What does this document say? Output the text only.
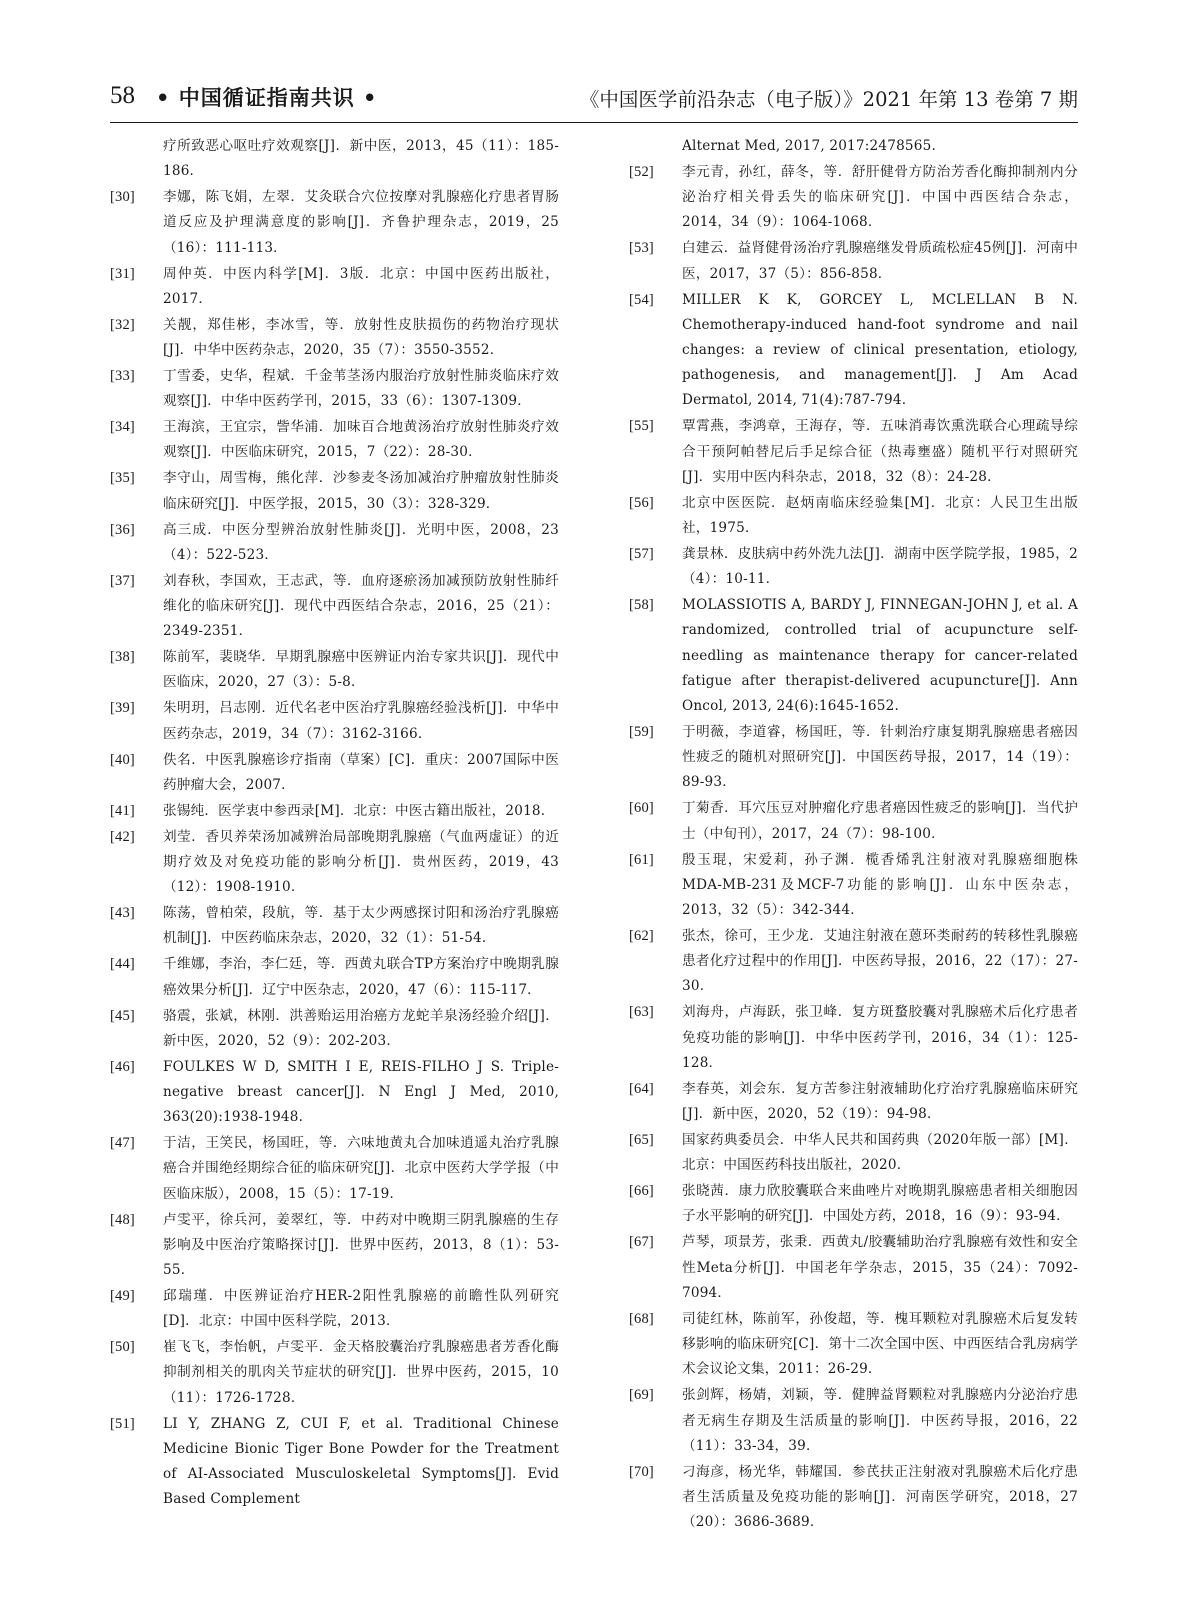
58 • 中国循证指南共识 •	《中国医学前沿杂志（电子版）》2021 年第 13 卷第 7 期
疗所致恶心呕吐疗效观察[J]．新中医，2013，45（11）：185-186．
[30] 李娜，陈飞娟，左翠．艾灸联合穴位按摩对乳腺癌化疗患者胃肠道反应及护理满意度的影响[J]．齐鲁护理杂志，2019，25（16）：111-113．
[31] 周仲英．中医内科学[M]．3版．北京：中国中医药出版社，2017．
[32] 关靓，郑佳彬，李冰雪，等．放射性皮肤损伤的药物治疗现状[J]．中华中医药杂志，2020，35（7）：3550-3552．
[33] 丁雪委，史华，程斌．千金苇茎汤内服治疗放射性肺炎临床疗效观察[J]．中华中医药学刊，2015，33（6）：1307-1309．
[34] 王海滨，王宜宗，訾华浦．加味百合地黄汤治疗放射性肺炎疗效观察[J]．中医临床研究，2015，7（22）：28-30．
[35] 李守山，周雪梅，熊化萍．沙参麦冬汤加减治疗肿瘤放射性肺炎临床研究[J]．中医学报，2015，30（3）：328-329．
[36] 高三成．中医分型辨治放射性肺炎[J]．光明中医，2008，23（4）：522-523．
[37] 刘春秋，李国欢，王志武，等．血府逐瘀汤加减预防放射性肺纤维化的临床研究[J]．现代中西医结合杂志，2016，25（21）：2349-2351．
[38] 陈前军，裴晓华．早期乳腺癌中医辨证内治专家共识[J]．现代中医临床，2020，27（3）：5-8．
[39] 朱明玥，吕志刚．近代名老中医治疗乳腺癌经验浅析[J]．中华中医药杂志，2019，34（7）：3162-3166．
[40] 佚名．中医乳腺癌诊疗指南（草案）[C]．重庆：2007国际中医药肿瘤大会，2007．
[41] 张锡纯．医学衷中参西录[M]．北京：中医古籍出版社，2018．
[42] 刘莹．香贝养荣汤加减辨治局部晚期乳腺癌（气血两虚证）的近期疗效及对免疫功能的影响分析[J]．贵州医药，2019，43（12）：1908-1910．
[43] 陈荡，曾柏荣，段航，等．基于太少两感探讨阳和汤治疗乳腺癌机制[J]．中医药临床杂志，2020，32（1）：51-54．
[44] 千维娜，李治，李仁廷，等．西黄丸联合TP方案治疗中晚期乳腺癌效果分析[J]．辽宁中医杂志，2020，47（6）：115-117．
[45] 骆震，张斌，林刚．洪善贻运用治癌方龙蛇羊泉汤经验介绍[J]．新中医，2020，52（9）：202-203．
[46] FOULKES W D, SMITH I E, REIS-FILHO J S. Triple-negative breast cancer[J]. N Engl J Med, 2010, 363(20):1938-1948.
[47] 于洁，王笑民，杨国旺，等．六味地黄丸合加味逍遥丸治疗乳腺癌合并围绝经期综合征的临床研究[J]．北京中医药大学学报（中医临床版），2008，15（5）：17-19．
[48] 卢雯平，徐兵河，姜翠红，等．中药对中晚期三阴乳腺癌的生存影响及中医治疗策略探讨[J]．世界中医药，2013，8（1）：53-55．
[49] 邱瑞瑾．中医辨证治疗HER-2阳性乳腺癌的前瞻性队列研究[D]．北京：中国中医科学院，2013．
[50] 崔飞飞，李怡帆，卢雯平．金天格胶囊治疗乳腺癌患者芳香化酶抑制剂相关的肌肉关节症状的研究[J]．世界中医药，2015，10（11）：1726-1728．
[51] LI Y, ZHANG Z, CUI F, et al. Traditional Chinese Medicine Bionic Tiger Bone Powder for the Treatment of AI-Associated Musculoskeletal Symptoms[J]. Evid Based Complement
Alternat Med, 2017, 2017:2478565.
[52] 李元青，孙红，薛冬，等．舒肝健骨方防治芳香化酶抑制剂内分泌治疗相关骨丢失的临床研究[J]．中国中西医结合杂志，2014，34（9）：1064-1068．
[53] 白建云．益肾健骨汤治疗乳腺癌继发骨质疏松症45例[J]．河南中医，2017，37（5）：856-858．
[54] MILLER K K, GORCEY L, MCLELLAN B N. Chemotherapy-induced hand-foot syndrome and nail changes: a review of clinical presentation, etiology, pathogenesis, and management[J]. J Am Acad Dermatol, 2014, 71(4):787-794.
[55] 覃霄燕，李鸿章，王海存，等．五味消毒饮熏洗联合心理疏导综合干预阿帕替尼后手足综合征（热毒壅盛）随机平行对照研究[J]．实用中医内科杂志，2018，32（8）：24-28．
[56] 北京中医医院．赵炳南临床经验集[M]．北京：人民卫生出版社，1975．
[57] 龚景林．皮肤病中药外洗九法[J]．湖南中医学院学报，1985，2（4）：10-11．
[58] MOLASSIOTIS A, BARDY J, FINNEGAN-JOHN J, et al. A randomized, controlled trial of acupuncture self-needling as maintenance therapy for cancer-related fatigue after therapist-delivered acupuncture[J]. Ann Oncol, 2013, 24(6):1645-1652.
[59] 于明薇，李道睿，杨国旺，等．针刺治疗康复期乳腺癌患者癌因性疲乏的随机对照研究[J]．中国医药导报，2017，14（19）：89-93．
[60] 丁菊香．耳穴压豆对肿瘤化疗患者癌因性疲乏的影响[J]．当代护士（中旬刊），2017，24（7）：98-100．
[61] 殷玉琨，宋爱莉，孙子渊．榄香烯乳注射液对乳腺癌细胞株MDA-MB-231及MCF-7功能的影响[J]．山东中医杂志，2013，32（5）：342-344．
[62] 张杰，徐可，王少龙．艾迪注射液在蒽环类耐药的转移性乳腺癌患者化疗过程中的作用[J]．中医药导报，2016，22（17）：27-30．
[63] 刘海舟，卢海跃，张卫峰．复方斑蝥胶囊对乳腺癌术后化疗患者免疫功能的影响[J]．中华中医药学刊，2016，34（1）：125-128．
[64] 李春英，刘会东．复方苦参注射液辅助化疗治疗乳腺癌临床研究[J]．新中医，2020，52（19）：94-98．
[65] 国家药典委员会．中华人民共和国药典（2020年版一部）[M]．北京：中国医药科技出版社，2020．
[66] 张晓茜．康力欣胶囊联合来曲唑片对晚期乳腺癌患者相关细胞因子水平影响的研究[J]．中国处方药，2018，16（9）：93-94．
[67] 芦琴，项景芳，张秉．西黄丸/胶囊辅助治疗乳腺癌有效性和安全性Meta分析[J]．中国老年学杂志，2015，35（24）：7092-7094．
[68] 司徒红林，陈前军，孙俊超，等．槐耳颗粒对乳腺癌术后复发转移影响的临床研究[C]．第十二次全国中医、中西医结合乳房病学术会议论文集，2011：26-29．
[69] 张剑辉，杨婧，刘颖，等．健脾益肾颗粒对乳腺癌内分泌治疗患者无病生存期及生活质量的影响[J]．中医药导报，2016，22（11）：33-34，39．
[70] 刁海彦，杨光华，韩耀国．参芪扶正注射液对乳腺癌术后化疗患者生活质量及免疫功能的影响[J]．河南医学研究，2018，27（20）：3686-3689．
